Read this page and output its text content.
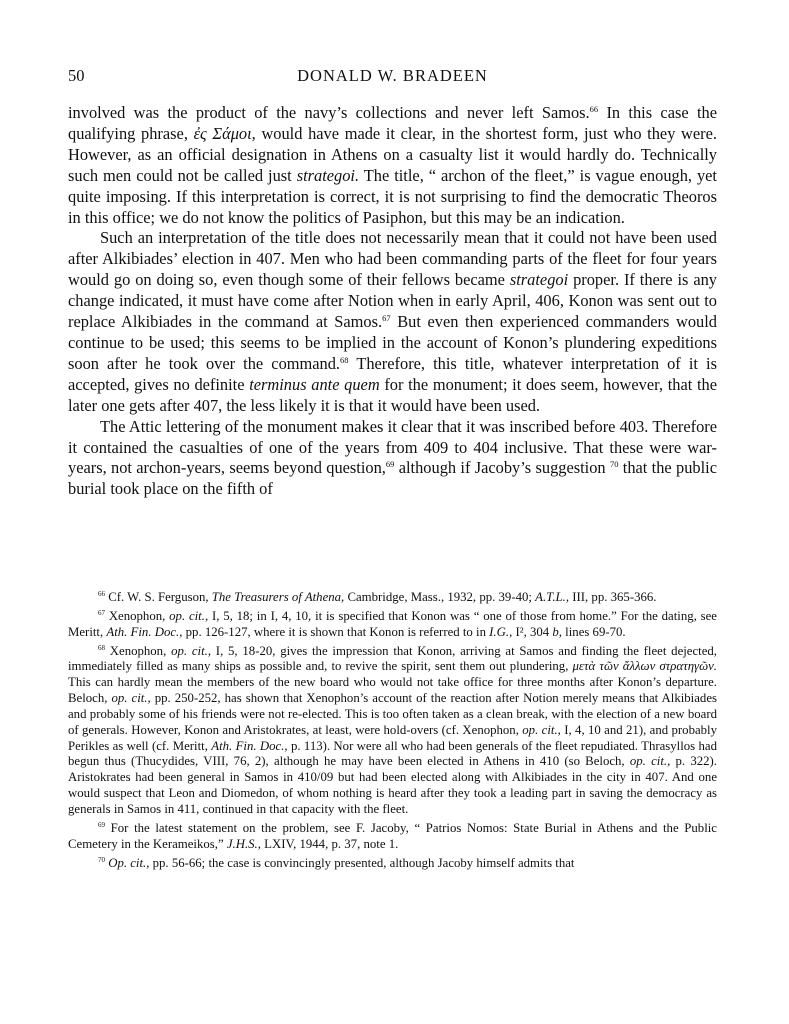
50	DONALD W. BRADEEN

involved was the product of the navy’s collections and never left Samos.$^{66}$ In this case the qualifying phrase, ἐς Σάμοι, would have made it clear, in the shortest form, just who they were. However, as an official designation in Athens on a casualty list it would hardly do. Technically such men could not be called just strategoi. The title, “ archon of the fleet,” is vague enough, yet quite imposing. If this interpretation is correct, it is not surprising to find the democratic Theoros in this office; we do not know the politics of Pasiphon, but this may be an indication.

Such an interpretation of the title does not necessarily mean that it could not have been used after Alkibiades’ election in 407. Men who had been commanding parts of the fleet for four years would go on doing so, even though some of their fellows became strategoi proper. If there is any change indicated, it must have come after Notion when in early April, 406, Konon was sent out to replace Alkibiades in the command at Samos.$^{67}$ But even then experienced commanders would continue to be used; this seems to be implied in the account of Konon’s plundering expeditions soon after he took over the command.$^{68}$ Therefore, this title, whatever interpretation of it is accepted, gives no definite terminus ante quem for the monument; it does seem, however, that the later one gets after 407, the less likely it is that it would have been used.

The Attic lettering of the monument makes it clear that it was inscribed before 403. Therefore it contained the casualties of one of the years from 409 to 404 inclusive. That these were war-years, not archon-years, seems beyond question,$^{69}$ although if Jacoby’s suggestion $^{70}$ that the public burial took place on the fifth of

$^{66}$ Cf. W. S. Ferguson, The Treasurers of Athena, Cambridge, Mass., 1932, pp. 39-40; A.T.L., III, pp. 365-366.

$^{67}$ Xenophon, op. cit., I, 5, 18; in I, 4, 10, it is specified that Konon was “ one of those from home.” For the dating, see Meritt, Ath. Fin. Doc., pp. 126-127, where it is shown that Konon is referred to in I.G., I², 304 b, lines 69-70.

$^{68}$ Xenophon, op. cit., I, 5, 18-20, gives the impression that Konon, arriving at Samos and finding the fleet dejected, immediately filled as many ships as possible and, to revive the spirit, sent them out plundering, μετὰ τῶν ἄλλων στρατηγῶν. This can hardly mean the members of the new board who would not take office for three months after Konon’s departure. Beloch, op. cit., pp. 250-252, has shown that Xenophon’s account of the reaction after Notion merely means that Alkibiades and probably some of his friends were not re-elected. This is too often taken as a clean break, with the election of a new board of generals. However, Konon and Aristokrates, at least, were hold-overs (cf. Xenophon, op. cit., I, 4, 10 and 21), and probably Perikles as well (cf. Meritt, Ath. Fin. Doc., p. 113). Nor were all who had been generals of the fleet repudiated. Thrasyllos had begun thus (Thucydides, VIII, 76, 2), although he may have been elected in Athens in 410 (so Beloch, op. cit., p. 322). Aristokrates had been general in Samos in 410/09 but had been elected along with Alkibiades in the city in 407. And one would suspect that Leon and Diomedon, of whom nothing is heard after they took a leading part in saving the democracy as generals in Samos in 411, continued in that capacity with the fleet.

$^{69}$ For the latest statement on the problem, see F. Jacoby, “ Patrios Nomos: State Burial in Athens and the Public Cemetery in the Kerameikos,” J.H.S., LXIV, 1944, p. 37, note 1.

$^{70}$ Op. cit., pp. 56-66; the case is convincingly presented, although Jacoby himself admits that
